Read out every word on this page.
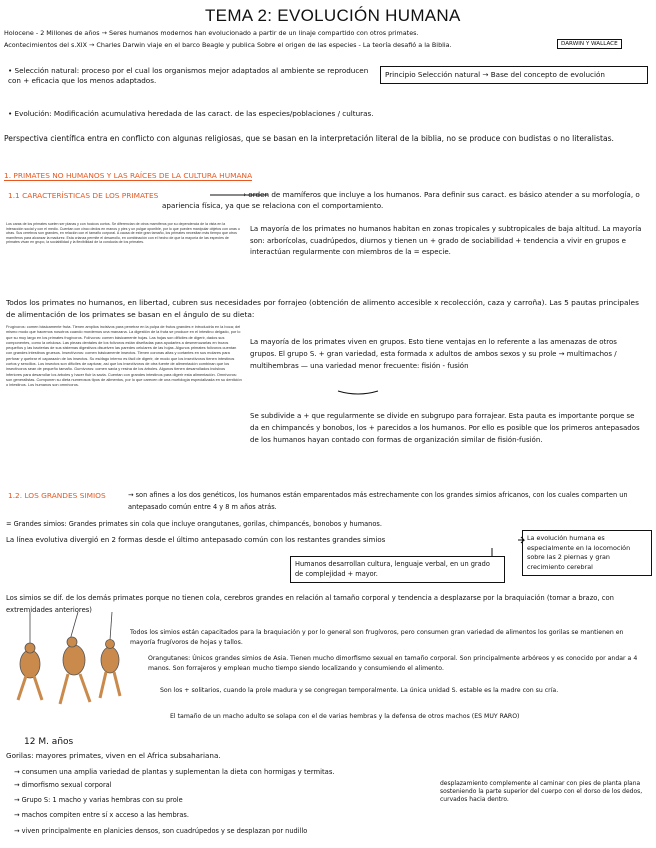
TEMA 2: EVOLUCIÓN HUMANA
Holocene - 2 Millones de años → Seres humanos modernos han evolucionado a partir de un linaje compartido con otros primates.
Acontecimientos del s.XIX → Charles Darwin viaje en el barco Beagle y publica Sobre el origen de las especies - La teoría desafió a la Biblia.	DARWIN Y WALLACE
• Selección natural: proceso por el cual los organismos mejor adaptados al ambiente se reproducen con + eficacia que los menos adaptados.
Principio Selección natural → Base del concepto de evolución
• Evolución: Modificación acumulativa heredada de las caract. de las especies/poblaciones / culturas.
Perspectiva científica entra en conflicto con algunas religiosas, que se basan en la interpretación literal de la biblia, no se produce con budistas o no literalistas.
1. PRIMATES NO HUMANOS Y LAS RAÍCES DE LA CULTURA HUMANA
1.1 CARACTERÍSTICAS DE LOS PRIMATES	→ orden de mamíferos que incluye a los humanos. Para definir sus caract. es básico atender a su morfología, o apariencia física, ya que se relaciona con el comportamiento.
Los caras de los primates suelen ser planas y con hocicos cortos. Se diferencian de otros mamíferos por su dependencia de la vista en la interacción social y con el medio. Cuentan con cinco dedos en manos y pies y un pulgar oponible, por lo que pueden manipular objetos con unas u otras. Sus cerebros son grandes, en relación con el tamaño corporal. A causa de este gran tamaño, los primates necesitan más tiempo que otros mamíferos para alcanzar la madurez. Esta crianza permite el desarrollo, en combinación con el hecho de que la mayoría de las especies de primates vivan en grupo, la sociabilidad y la flexibilidad de la conducta de los primates.
La mayoría de los primates no humanos habitan en zonas tropicales y subtropicales de baja altitud. La mayoría son: arborícolas, cuadrúpedos, diurnos y tienen un + grado de sociabilidad + tendencia a vivir en grupos e interactúan regularmente con miembros de la = especie.
Todos los primates no humanos, en libertad, cubren sus necesidades por forrajeo (obtención de alimento accesible x recolección, caza y carroña). Las 5 pautas principales de alimentación de los primates se basan en el ángulo de su dieta:
Frugívoros: comen básicamente fruta. Tienen amplios incisivos para penetrar en la pulpa de frutos grandes e introducirla en la boca; del mismo modo que hacemos nosotros cuando mordemos una manzana. La digestión de la fruta se produce en el intestino delgado, por lo que su muy largo en los primates frugívoros. Folívoros: comen básicamente hojas. Las hojas son difíciles de digerir, dados sus componentes, como la celulosa. Las piezas dentales de los folívoros están diseñadas para ayudarles a desmenuzarlas en trozos pequeños y las bacterias de sus sistemas digestivos disuelven las paredes celulares de las hojas. Algunos primates folívoros cuentan con grandes intestinos gruesos. Insectívoros: comen básicamente insectos. Tienen coronas altas y cortantes en sus molares para perforar y quebrar el caparazón de los insectos. Su esófago interno es fácil de digerir, de modo que los insectívoros tienen intestinos cortos y sencillos. Los insectos son difíciles de capturar, así que los insectívoros de otra fuente de alimentación combinan que los insectívoros sean de pequeño tamaño. Gumívoros: comen savia y resina de los árboles. Algunos tienen desarrollados incisivos inferiores para desarrollar los árboles y hacer fluir la savia. Cuentan con grandes intestinos para digerir esta alimentación. Omnívoros: son generalistas. Componen su dieta numerosos tipos de alimentos, por lo que carecen de una morfología especializada en su dentición o intestinos. Los humanos son omnívoros.
La mayoría de los primates viven en grupos. Esto tiene ventajas en lo referente a las amenazas de otros grupos. El grupo S. + gran variedad, esta formada x adultos de ambos sexos y su prole → multimachos / multihembras — una variedad menor frecuente: fisión - fusión
Se subdivide a + que regularmente se divide en subgrupo para forrajear. Esta pauta es importante porque se da en chimpancés y bonobos, los + parecidos a los humanos. Por ello es posible que los primeros antepasados de los humanos hayan contado con formas de organización similar de fisión-fusión.
1.2. LOS GRANDES SIMIOS	→ son afines a los dos genéticos, los humanos están emparentados más estrechamente con los grandes simios africanos, con los cuales comparten un antepasado común entre 4 y 8 m años atrás.
= Grandes simios: Grandes primates sin cola que incluye orangutanes, gorilas, chimpancés, bonobos y humanos.
La línea evolutiva divergió en 2 formas desde el último antepasado común con los restantes grandes simios
Humanos desarrollan cultura, lenguaje verbal, en un grado de complejidad + mayor.
La evolución humana es especialmente en la locomoción sobre las 2 piernas y gran crecimiento cerebral
Los simios se dif. de los demás primates porque no tienen cola, cerebros grandes en relación al tamaño corporal y tendencia a desplazarse por la braquiación (tomar a brazo, con extremidades anteriores)
Todos los simios están capacitados para la braquiación y por lo general son frugívoros, pero consumen gran variedad de alimentos los gorilas se mantienen en mayoría frugívoros de hojas y tallos.
Orangutanes: Únicos grandes simios de Asia. Tienen mucho dimorfismo sexual en tamaño corporal. Son principalmente arbóreos y es conocido por andar a 4 manos. Son forrajeros y emplean mucho tiempo siendo localizando y consumiendo el alimento.
Son los + solitarios, cuando la prole madura y se congregan temporalmente. La única unidad S. estable es la madre con su cría.
El tamaño de un macho adulto se solapa con el de varias hembras y la defensa de otros machos (ES MUY RARO)
12 M. años
Gorilas: mayores primates, viven en el África subsahariana.
→ consumen una amplia variedad de plantas y suplementan la dieta con hormigas y termitas.
→ dimorfismo sexual corporal
→ Grupo S: 1 macho y varias hembras con su prole
→ machos compiten entre sí x acceso a las hembras.
→ viven principalmente en planicies densos, son cuadrúpedos y se desplazan por nudillo
desplazamiento complemente al caminar con pies de planta plana sosteniendo la parte superior del cuerpo con el dorso de los dedos, curvados hacia dentro.
